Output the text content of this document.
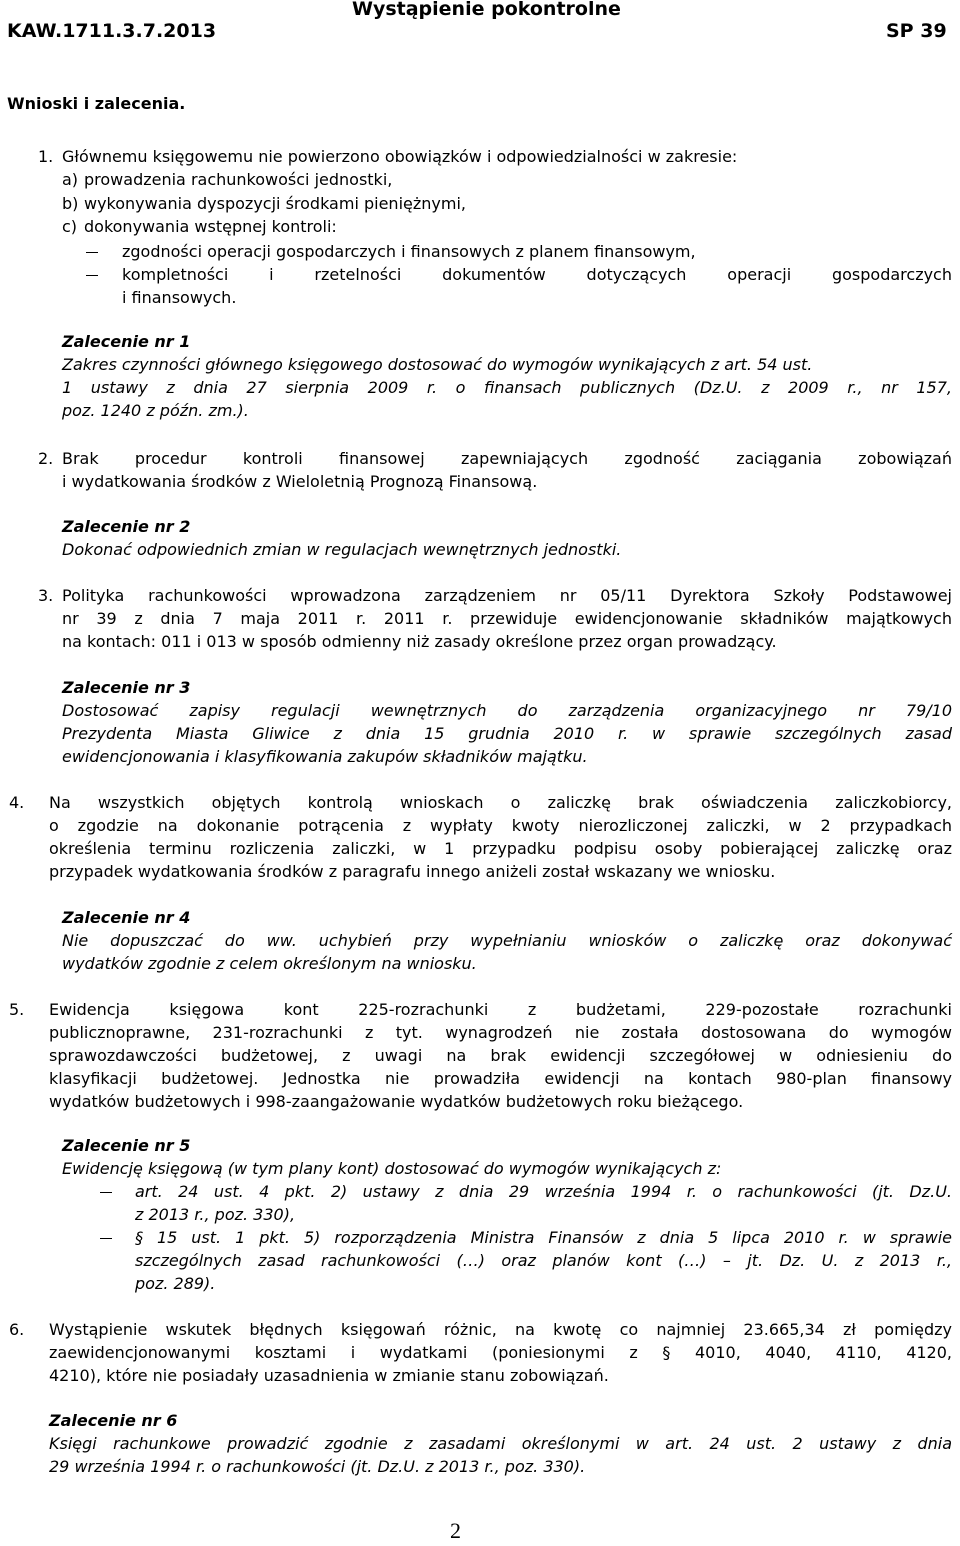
KAW.1711.3.7.2013
Wystąpienie pokontrolne
SP 39
Wnioski i zalecenia.
1. Głównemu księgowemu nie powierzono obowiązków i odpowiedzialności w zakresie:
a) prowadzenia rachunkowości jednostki,
b) wykonywania dyspozycji środkami pieniężnymi,
c) dokonywania wstępnej kontroli:
zgodności operacji gospodarczych i finansowych z planem finansowym,
kompletności i rzetelności dokumentów dotyczących operacji gospodarczych
i finansowych.
Zalecenie nr 1
Zakres czynności głównego księgowego dostosować do wymogów wynikających z art. 54 ust.
1 ustawy z dnia 27 sierpnia 2009 r. o finansach publicznych (Dz.U. z 2009 r., nr 157,
poz. 1240 z późn. zm.).
2. Brak procedur kontroli finansowej zapewniających zgodność zaciągania zobowiązań
i wydatkowania środków z Wieloletnią Prognozą Finansową.
Zalecenie nr 2
Dokonać odpowiednich zmian w regulacjach wewnętrznych jednostki.
3. Polityka rachunkowości wprowadzona zarządzeniem nr 05/11 Dyrektora Szkoły Podstawowej
nr 39 z dnia 7 maja 2011 r. 2011 r. przewiduje ewidencjonowanie składników majątkowych
na kontach: 011 i 013 w sposób odmienny niż zasady określone przez organ prowadzący.
Zalecenie nr 3
Dostosować zapisy regulacji wewnętrznych do zarządzenia organizacyjnego nr 79/10
Prezydenta Miasta Gliwice z dnia 15 grudnia 2010 r. w sprawie szczególnych zasad
ewidencjonowania i klasyfikowania zakupów składników majątku.
4. Na wszystkich objętych kontrolą wnioskach o zaliczkę brak oświadczenia zaliczkobiorcy,
o zgodzie na dokonanie potrącenia z wypłaty kwoty nierozliczonej zaliczki, w 2 przypadkach
określenia terminu rozliczenia zaliczki, w 1 przypadku podpisu osoby pobierającej zaliczkę oraz
przypadek wydatkowania środków z paragrafu innego aniżeli został wskazany we wniosku.
Zalecenie nr 4
Nie dopuszczać do ww. uchybień przy wypełnianiu wniosków o zaliczkę oraz dokonywać
wydatków zgodnie z celem określonym na wniosku.
5. Ewidencja księgowa kont 225-rozrachunki z budżetami, 229-pozostałe rozrachunki
publicznoprawne, 231-rozrachunki z tyt. wynagrodzeń nie została dostosowana do wymogów
sprawozdawczości budżetowej, z uwagi na brak ewidencji szczegółowej w odniesieniu do
klasyfikacji budżetowej. Jednostka nie prowadziła ewidencji na kontach 980-plan finansowy
wydatków budżetowych i 998-zaangażowanie wydatków budżetowych roku bieżącego.
Zalecenie nr 5
Ewidencję księgową (w tym plany kont) dostosować do wymogów wynikających z:
art. 24 ust. 4 pkt. 2) ustawy z dnia 29 września 1994 r. o rachunkowości (jt. Dz.U.
z 2013 r., poz. 330),
§ 15 ust. 1 pkt. 5) rozporządzenia Ministra Finansów z dnia 5 lipca 2010 r. w sprawie
szczególnych zasad rachunkowości (…) oraz planów kont (…) – jt. Dz. U. z 2013 r.,
poz. 289).
6. Wystąpienie wskutek błędnych księgowań różnic, na kwotę co najmniej 23.665,34 zł pomiędzy
zaewidencjonowanymi kosztami i wydatkami (poniesionymi z § 4010, 4040, 4110, 4120,
4210), które nie posiadały uzasadnienia w zmianie stanu zobowiązań.
Zalecenie nr 6
Księgi rachunkowe prowadzić zgodnie z zasadami określonymi w art. 24 ust. 2 ustawy z dnia
29 września 1994 r. o rachunkowości (jt. Dz.U. z 2013 r., poz. 330).
2
